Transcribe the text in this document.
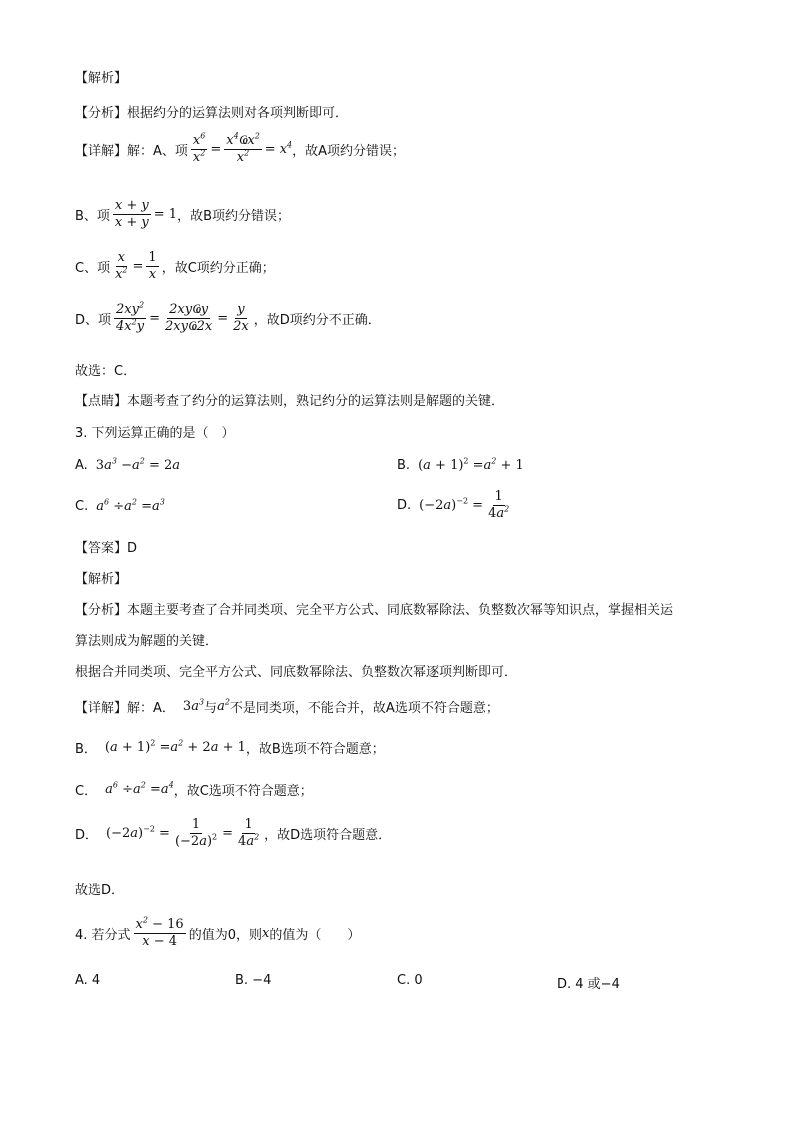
【解析】
【分析】根据约分的运算法则对各项判断即可．
【详解】解：A、项 $\frac{x^6}{x^2} = \frac{x^4Ҩx^2}{x^2} = x^4$ ，故A项约分错误；
B、项 $\frac{x + y}{x + y} = 1$ ，故B项约分错误；
C、项 $\frac{x}{x^2} = \frac{1}{x}$ ，故C项约分正确；
D、项 $\frac{2xy^2}{4x^2y} = \frac{\text{2xyҨy}}{\text{2xyҨ2x}} = \frac{y}{2x}$ ，故D项约分不正确．
故选：C．
【点睛】本题考查了约分的运算法则，熟记约分的运算法则是解题的关键．
3. 下列运算正确的是（　）
A. 3 $a^3 - a^2 = 2$ a	B. ( $a + 1)^2 = a^2 + 1$
C. $a^6 \div a^2 = a^3$	D. (−2 a )$^{-2} = \frac{1}{4a^2}$
【答案】D
【解析】
【分析】本题主要考查了合并同类项、完全平方公式、同底数幂除法、负整数次幂等知识点，掌握相关运
算法则成为解题的关键．
根据合并同类项、完全平方公式、同底数幂除法、负整数次幂逐项判断即可．
【详解】解：A． 3 $a^3$ 与 $a^2$ 不是同类项，不能合并，故A选项不符合题意；
B． ( $a + 1)^2 = a^2 + 2$ a + 1 ，故B选项不符合题意；
C． $a^6 \div a^2 = a^4$ ，故C选项不符合题意；
D． (−2 a )$^{-2} = \frac{1}{(-2a)^2} = \frac{1}{4a^2}$ ，故D选项符合题意．
故选D．
4. 若分式 $\frac{x^2 - 16}{x - 4}$ 的值为0，则 x 的值为（　　）
A. 4	B. −4	C. 0	D. 4 或−4
